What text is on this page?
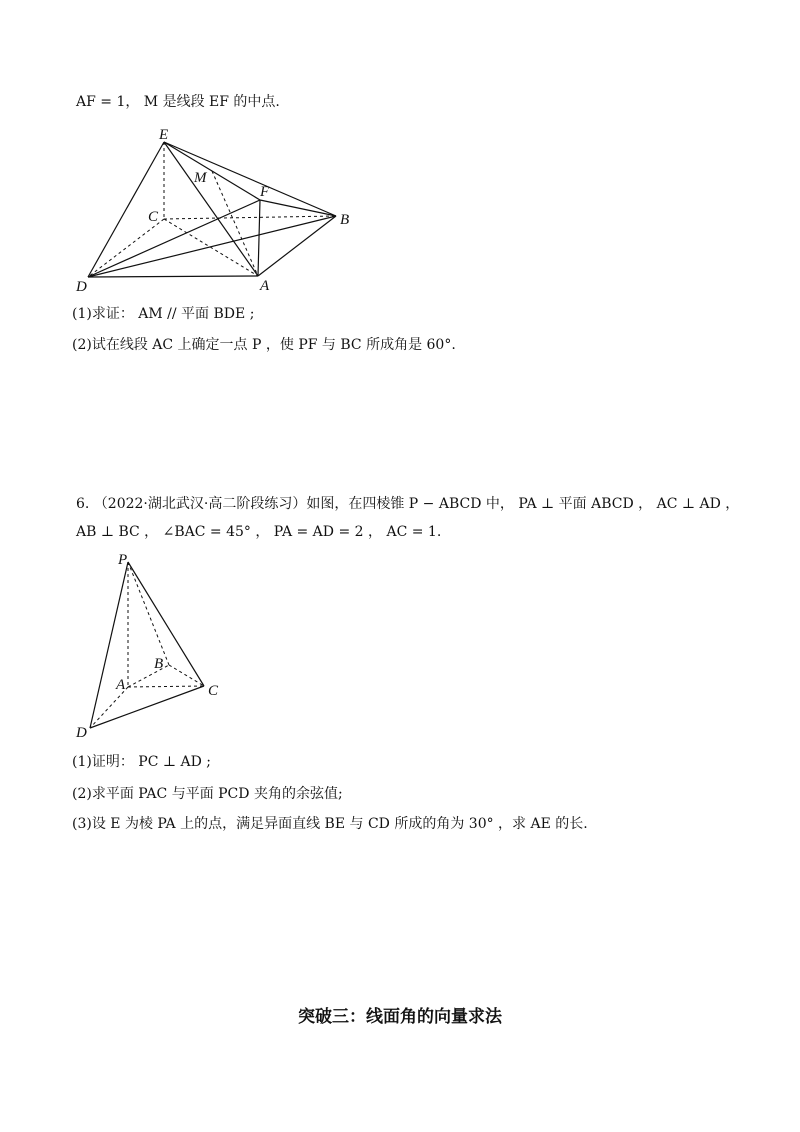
AF = 1， M 是线段 EF 的中点.
E
M
F
C	B
D	A
(1)求证： AM // 平面 BDE ;
(2)试在线段 AC 上确定一点 P ，使 PF 与 BC 所成角是 60°.
6. （2022·湖北武汉·高二阶段练习）如图，在四棱锥 P − ABCD 中， PA ⊥ 平面 ABCD ， AC ⊥ AD ，
AB ⊥ BC ， ∠BAC = 45° ， PA = AD = 2 ， AC = 1.
P
B
A	C
D
(1)证明： PC ⊥ AD ;
(2)求平面 PAC 与平面 PCD 夹角的余弦值;
(3)设 E 为棱 PA 上的点，满足异面直线 BE 与 CD 所成的角为 30° ，求 AE 的长.
突破三：线面角的向量求法
